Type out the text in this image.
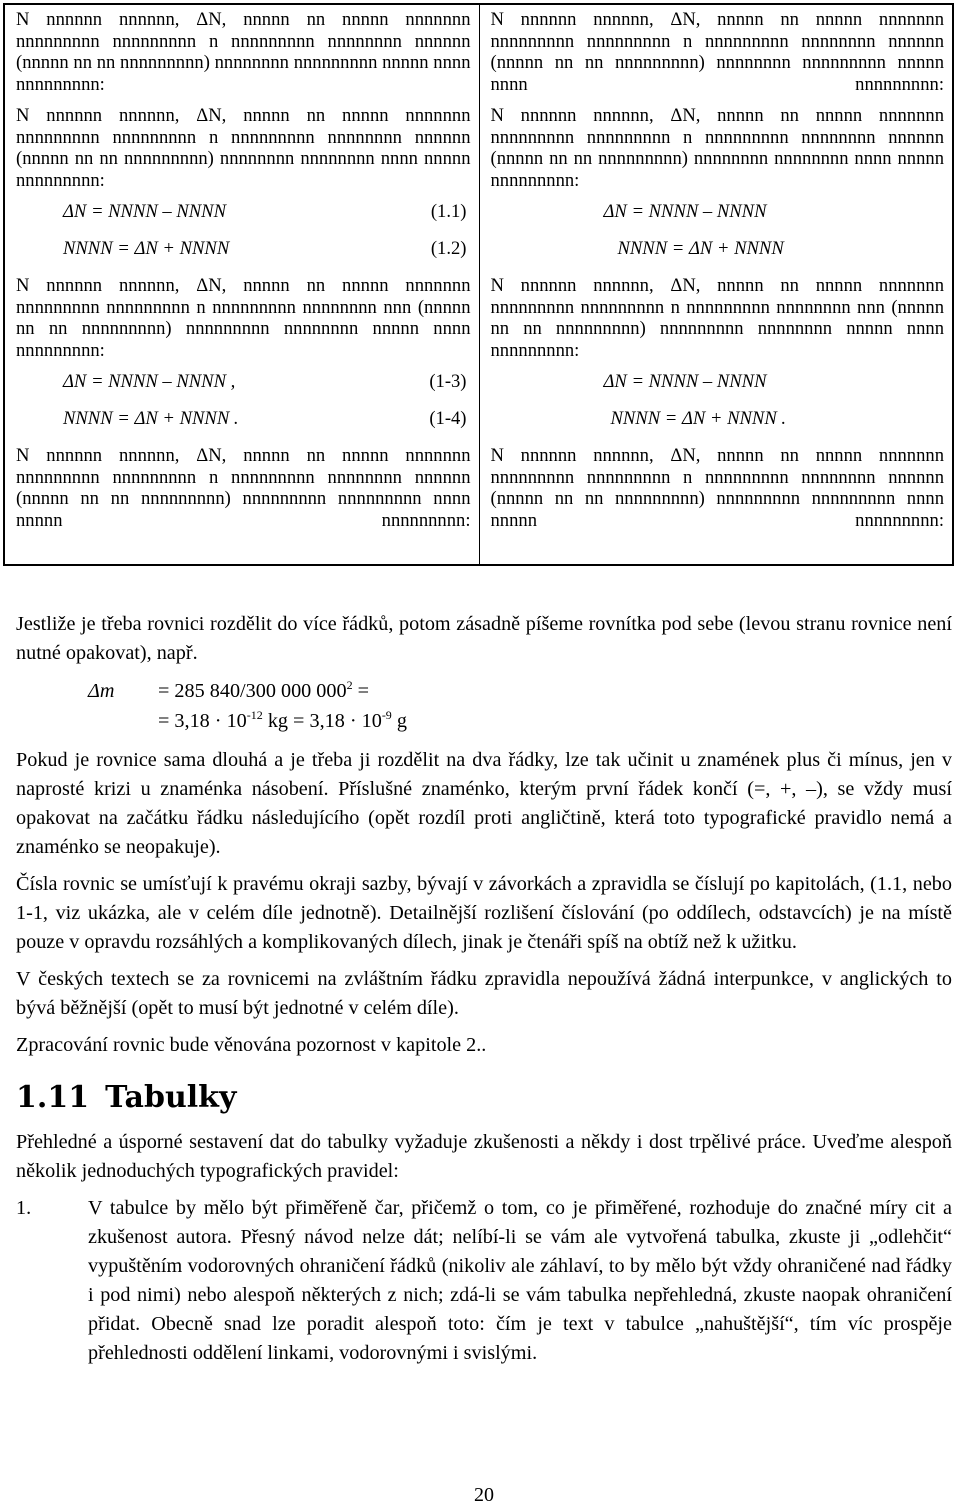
N nnnnnn nnnnnn, ΔN, nnnnn nn nnnnn nnnnnnn nnnnnnnnn nnnnnnnnn n nnnnnnnnn nnnnnnnn nnnnnn (nnnnn nn nn nnnnnnnnn) nnnnnnnn nnnnnnnnn nnnnn nnnn nnnnnnnnn:

N nnnnnn nnnnnn, ΔN, nnnnn nn nnnnn nnnnnnn nnnnnnnnn nnnnnnnnn n nnnnnnnnn nnnnnnnn nnnnnn (nnnnn nn nn nnnnnnnnn) nnnnnnnn nnnnnnnn nnnn nnnnn nnnnnnnnn:

ΔN = NNNN – NNNN	(1.1)
NNNN = ΔN + NNNN	(1.2)

N nnnnnn nnnnnn, ΔN, nnnnn nn nnnnn nnnnnnn nnnnnnnnn nnnnnnnnn n nnnnnnnnn nnnnnnnn nnn (nnnnn nn nn nnnnnnnnn) nnnnnnnnn nnnnnnnn nnnnn nnnn nnnnnnnnn:

ΔN = NNNN – NNNN ,	(1-3)
NNNN = ΔN + NNNN .	(1-4)

N nnnnnn nnnnnn, ΔN, nnnnn nn nnnnn nnnnnnn nnnnnnnnn nnnnnnnnn n nnnnnnnnn nnnnnnnn nnnnnn (nnnnn nn nn nnnnnnnnn) nnnnnnnnn nnnnnnnnn nnnn nnnnn nnnnnnnnn:

N nnnnnn nnnnnn, ΔN, nnnnn nn nnnnn nnnnnnn nnnnnnnnn nnnnnnnnn n nnnnnnnnn nnnnnnnn nnnnnn (nnnnn nn nn nnnnnnnnn) nnnnnnnn nnnnnnnnn nnnnn nnnn nnnnnnnnn:

N nnnnnn nnnnnn, ΔN, nnnnn nn nnnnn nnnnnnn nnnnnnnnn nnnnnnnnn n nnnnnnnnn nnnnnnnn nnnnnn (nnnnn nn nn nnnnnnnnn) nnnnnnnn nnnnnnnn nnnn nnnnn nnnnnnnnn:

ΔN = NNNN – NNNN
NNNN = ΔN + NNNN

N nnnnnn nnnnnn, ΔN, nnnnn nn nnnnn nnnnnnn nnnnnnnnn nnnnnnnnn n nnnnnnnnn nnnnnnnn nnn (nnnnn nn nn nnnnnnnnn) nnnnnnnnn nnnnnnnn nnnnn nnnn nnnnnnnnn:

ΔN = NNNN – NNNN
NNNN = ΔN + NNNN .

N nnnnnn nnnnnn, ΔN, nnnnn nn nnnnn nnnnnnn nnnnnnnnn nnnnnnnnn n nnnnnnnnn nnnnnnnn nnnnnn (nnnnn nn nn nnnnnnnnn) nnnnnnnnn nnnnnnnnn nnnn nnnnn nnnnnnnnn:

Jestliže je třeba rovnici rozdělit do více řádků, potom zásadně píšeme rovnítka pod sebe (levou stranu rovnice není nutné opakovat), např.

Δm	= 285 840/300 000 $000^2$ =
= $3,18 \cdot 10^{-12}$ kg = $3,18 \cdot 10^{-9}$ g

Pokud je rovnice sama dlouhá a je třeba ji rozdělit na dva řádky, lze tak učinit u znamének plus či mínus, jen v naprosté krizi u znaménka násobení. Příslušné znaménko, kterým první řádek končí (=, +, –), se vždy musí opakovat na začátku řádku následujícího (opět rozdíl proti angličtině, která toto typografické pravidlo nemá a znaménko se neopakuje).

Čísla rovnic se umísťují k pravému okraji sazby, bývají v závorkách a zpravidla se číslují po kapitolách, (1.1, nebo 1-1, viz ukázka, ale v celém díle jednotně). Detailnější rozlišení číslování (po oddílech, odstavcích) je na místě pouze v opravdu rozsáhlých a komplikovaných dílech, jinak je čtenáři spíš na obtíž než k užitku.

V českých textech se za rovnicemi na zvláštním řádku zpravidla nepoužívá žádná interpunkce, v anglických to bývá běžnější (opět to musí být jednotné v celém díle).

Zpracování rovnic bude věnována pozornost v kapitole 2..

1.11 Tabulky

Přehledné a úsporné sestavení dat do tabulky vyžaduje zkušenosti a někdy i dost trpělivé práce. Uveďme alespoň několik jednoduchých typografických pravidel:

1.	V tabulce by mělo být přiměřeně čar, přičemž o tom, co je přiměřené, rozhoduje do značné míry cit a zkušenost autora. Přesný návod nelze dát; nelíbí-li se vám ale vytvořená tabulka, zkuste ji „odlehčit“ vypuštěním vodorovných ohraničení řádků (nikoliv ale záhlaví, to by mělo být vždy ohraničené nad řádky i pod nimi) nebo alespoň některých z nich; zdá-li se vám tabulka nepřehledná, zkuste naopak ohraničení přidat. Obecně snad lze poradit alespoň toto: čím je text v tabulce „nahuštější“, tím víc prospěje přehlednosti oddělení linkami, vodorovnými i svislými.
20
